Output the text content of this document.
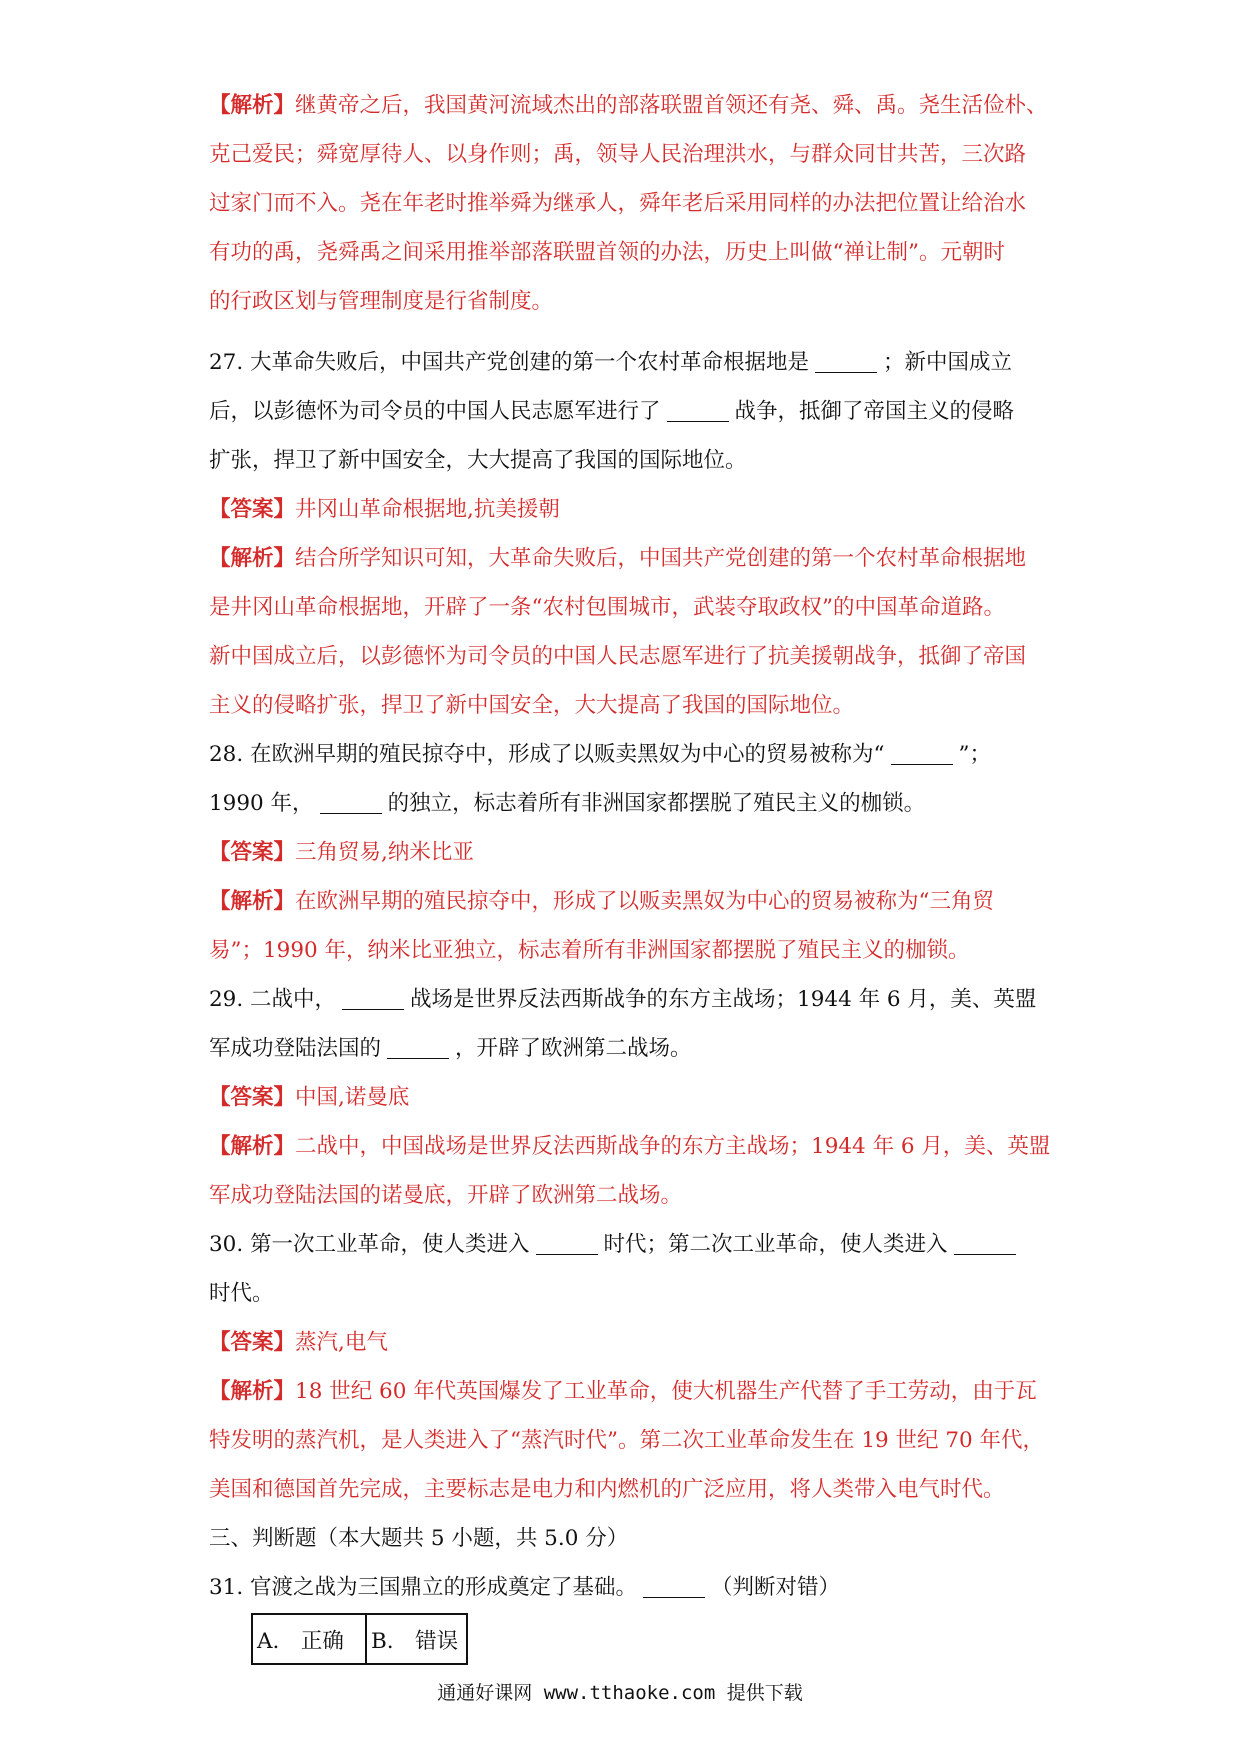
【解析】继黄帝之后，我国黄河流域杰出的部落联盟首领还有尧、舜、禹。尧生活俭朴、
克己爱民；舜宽厚待人、以身作则；禹，领导人民治理洪水，与群众同甘共苦，三次路
过家门而不入。尧在年老时推举舜为继承人，舜年老后采用同样的办法把位置让给治水
有功的禹，尧舜禹之间采用推举部落联盟首领的办法，历史上叫做“禅让制”。元朝时
的行政区划与管理制度是行省制度。
27. 大革命失败后，中国共产党创建的第一个农村革命根据地是	；新中国成立
后，以彭德怀为司令员的中国人民志愿军进行了	战争，抵御了帝国主义的侵略
扩张，捍卫了新中国安全，大大提高了我国的国际地位。
【答案】井冈山革命根据地,抗美援朝
【解析】结合所学知识可知，大革命失败后，中国共产党创建的第一个农村革命根据地
是井冈山革命根据地，开辟了一条“农村包围城市，武装夺取政权”的中国革命道路。
新中国成立后，以彭德怀为司令员的中国人民志愿军进行了抗美援朝战争，抵御了帝国
主义的侵略扩张，捍卫了新中国安全，大大提高了我国的国际地位。
28. 在欧洲早期的殖民掠夺中，形成了以贩卖黑奴为中心的贸易被称为“	”；
1990 年，	的独立，标志着所有非洲国家都摆脱了殖民主义的枷锁。
【答案】三角贸易,纳米比亚
【解析】在欧洲早期的殖民掠夺中，形成了以贩卖黑奴为中心的贸易被称为“三角贸
易”；1990 年，纳米比亚独立，标志着所有非洲国家都摆脱了殖民主义的枷锁。
29. 二战中，	战场是世界反法西斯战争的东方主战场；1944 年 6 月，美、英盟
军成功登陆法国的	，开辟了欧洲第二战场。
【答案】中国,诺曼底
【解析】二战中，中国战场是世界反法西斯战争的东方主战场；1944 年 6 月，美、英盟
军成功登陆法国的诺曼底，开辟了欧洲第二战场。
30. 第一次工业革命，使人类进入	时代；第二次工业革命，使人类进入
时代。
【答案】蒸汽,电气
【解析】18 世纪 60 年代英国爆发了工业革命，使大机器生产代替了手工劳动，由于瓦
特发明的蒸汽机，是人类进入了“蒸汽时代”。第二次工业革命发生在 19 世纪 70 年代，
美国和德国首先完成，主要标志是电力和内燃机的广泛应用，将人类带入电气时代。
三、判断题（本大题共 5 小题，共 5.0 分）
31. 官渡之战为三国鼎立的形成奠定了基础。	（判断对错）
A.　正确	B.　错误
通通好课网 www.tthaoke.com 提供下载
